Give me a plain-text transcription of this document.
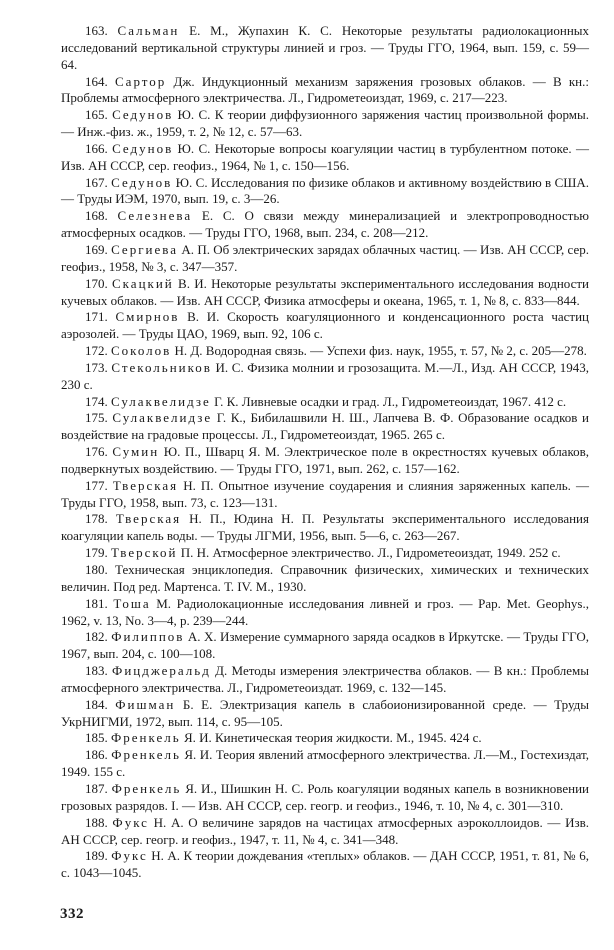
163. Сальман Е. М., Жупахин К. С. Некоторые результаты радиолокационных исследований вертикальной структуры линией и гроз. — Труды ГГО, 1964, вып. 159, с. 59—64.

164. Сартор Дж. Индукционный механизм заряжения грозовых облаков. — В кн.: Проблемы атмосферного электричества. Л., Гидрометеоиздат, 1969, с. 217—223.

165. Седунов Ю. С. К теории диффузионного заряжения частиц произвольной формы. — Инж.-физ. ж., 1959, т. 2, № 12, с. 57—63.

166. Седунов Ю. С. Некоторые вопросы коагуляции частиц в турбулентном потоке. — Изв. АН СССР, сер. геофиз., 1964, № 1, с. 150—156.

167. Седунов Ю. С. Исследования по физике облаков и активному воздействию в США. — Труды ИЭМ, 1970, вып. 19, с. 3—26.

168. Селезнева Е. С. О связи между минерализацией и электропроводностью атмосферных осадков. — Труды ГГО, 1968, вып. 234, с. 208—212.

169. Сергиева А. П. Об электрических зарядах облачных частиц. — Изв. АН СССР, сер. геофиз., 1958, № 3, с. 347—357.

170. Скацкий В. И. Некоторые результаты экспериментального исследования водности кучевых облаков. — Изв. АН СССР, Физика атмосферы и океана, 1965, т. 1, № 8, с. 833—844.

171. Смирнов В. И. Скорость коагуляционного и конденсационного роста частиц аэрозолей. — Труды ЦАО, 1969, вып. 92, 106 с.

172. Соколов Н. Д. Водородная связь. — Успехи физ. наук, 1955, т. 57, № 2, с. 205—278.

173. Стекольников И. С. Физика молнии и грозозащита. М.—Л., Изд. АН СССР, 1943, 230 с.

174. Сулаквелидзе Г. К. Ливневые осадки и град. Л., Гидрометеоиздат, 1967. 412 с.

175. Сулаквелидзе Г. К., Бибилашвили Н. Ш., Лапчева В. Ф. Образование осадков и воздействие на градовые процессы. Л., Гидрометеоиздат, 1965. 265 с.

176. Сумин Ю. П., Шварц Я. М. Электрическое поле в окрестностях кучевых облаков, подверкнутых воздействию. — Труды ГГО, 1971, вып. 262, с. 157—162.

177. Тверская Н. П. Опытное изучение соударения и слияния заряженных капель. — Труды ГГО, 1958, вып. 73, с. 123—131.

178. Тверская Н. П., Юдина Н. П. Результаты экспериментального исследования коагуляции капель воды. — Труды ЛГМИ, 1956, вып. 5—6, с. 263—267.

179. Тверской П. Н. Атмосферное электричество. Л., Гидрометеоиздат, 1949. 252 с.

180. Техническая энциклопедия. Справочник физических, химических и технических величин. Под ред. Мартенса. Т. IV. М., 1930.

181. Тоша М. Радиолокационные исследования ливней и гроз. — Pap. Met. Geophys., 1962, v. 13, No. 3—4, p. 239—244.

182. Филиппов А. Х. Измерение суммарного заряда осадков в Иркутске. — Труды ГГО, 1967, вып. 204, с. 100—108.

183. Фицджеральд Д. Методы измерения электричества облаков. — В кн.: Проблемы атмосферного электричества. Л., Гидрометеоиздат. 1969, с. 132—145.

184. Фишман Б. Е. Электризация капель в слабоионизированной среде. — Труды УкрНИГМИ, 1972, вып. 114, с. 95—105.

185. Френкель Я. И. Кинетическая теория жидкости. М., 1945. 424 с.

186. Френкель Я. И. Теория явлений атмосферного электричества. Л.—М., Гостехиздат, 1949. 155 с.

187. Френкель Я. И., Шишкин Н. С. Роль коагуляции водяных капель в возникновении грозовых разрядов. I. — Изв. АН СССР, сер. геогр. и геофиз., 1946, т. 10, № 4, с. 301—310.

188. Фукс Н. А. О величине зарядов на частицах атмосферных аэроколлоидов. — Изв. АН СССР, сер. геогр. и геофиз., 1947, т. 11, № 4, с. 341—348.

189. Фукс Н. А. К теории дождевания «теплых» облаков. — ДАН СССР, 1951, т. 81, № 6, с. 1043—1045.

332
